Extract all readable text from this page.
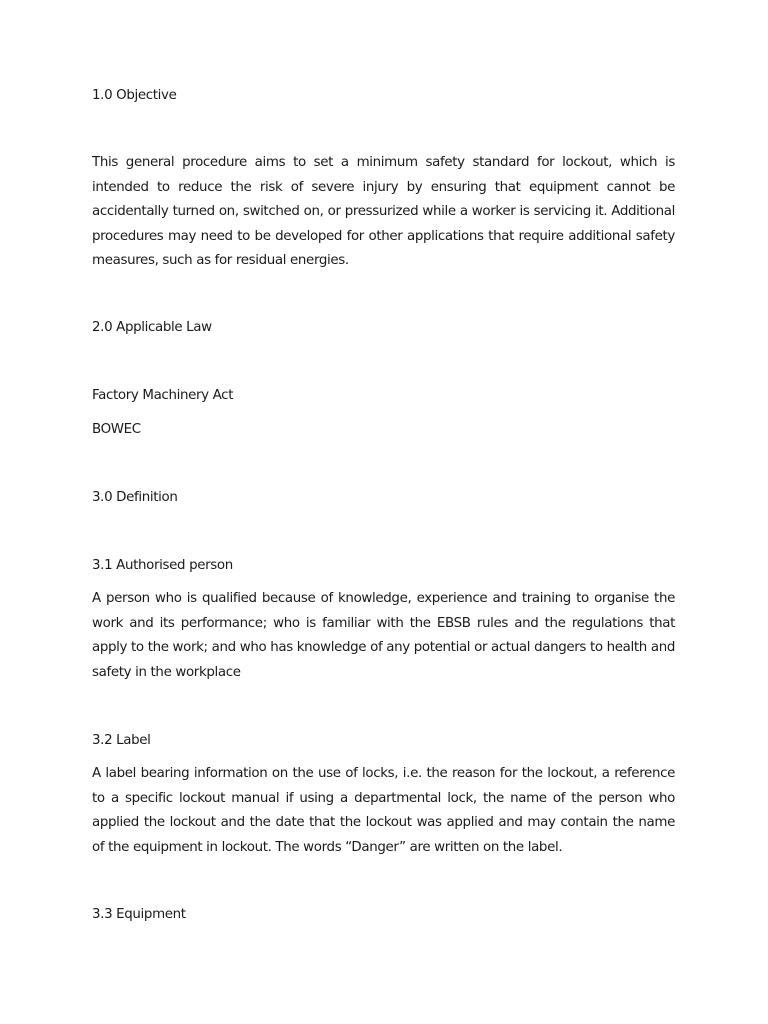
1.0 Objective

This general procedure aims to set a minimum safety standard for lockout, which is intended to reduce the risk of severe injury by ensuring that equipment cannot be accidentally turned on, switched on, or pressurized while a worker is servicing it. Additional procedures may need to be developed for other applications that require additional safety measures, such as for residual energies.

2.0 Applicable Law
Factory Machinery Act
BOWEC
3.0 Definition
3.1 Authorised person

A person who is qualified because of knowledge, experience and training to organise the work and its performance; who is familiar with the EBSB rules and the regulations that apply to the work; and who has knowledge of any potential or actual dangers to health and safety in the workplace

3.2 Label

A label bearing information on the use of locks, i.e. the reason for the lockout, a reference to a specific lockout manual if using a departmental lock, the name of the person who applied the lockout and the date that the lockout was applied and may contain the name of the equipment in lockout. The words “Danger” are written on the label.

3.3 Equipment
